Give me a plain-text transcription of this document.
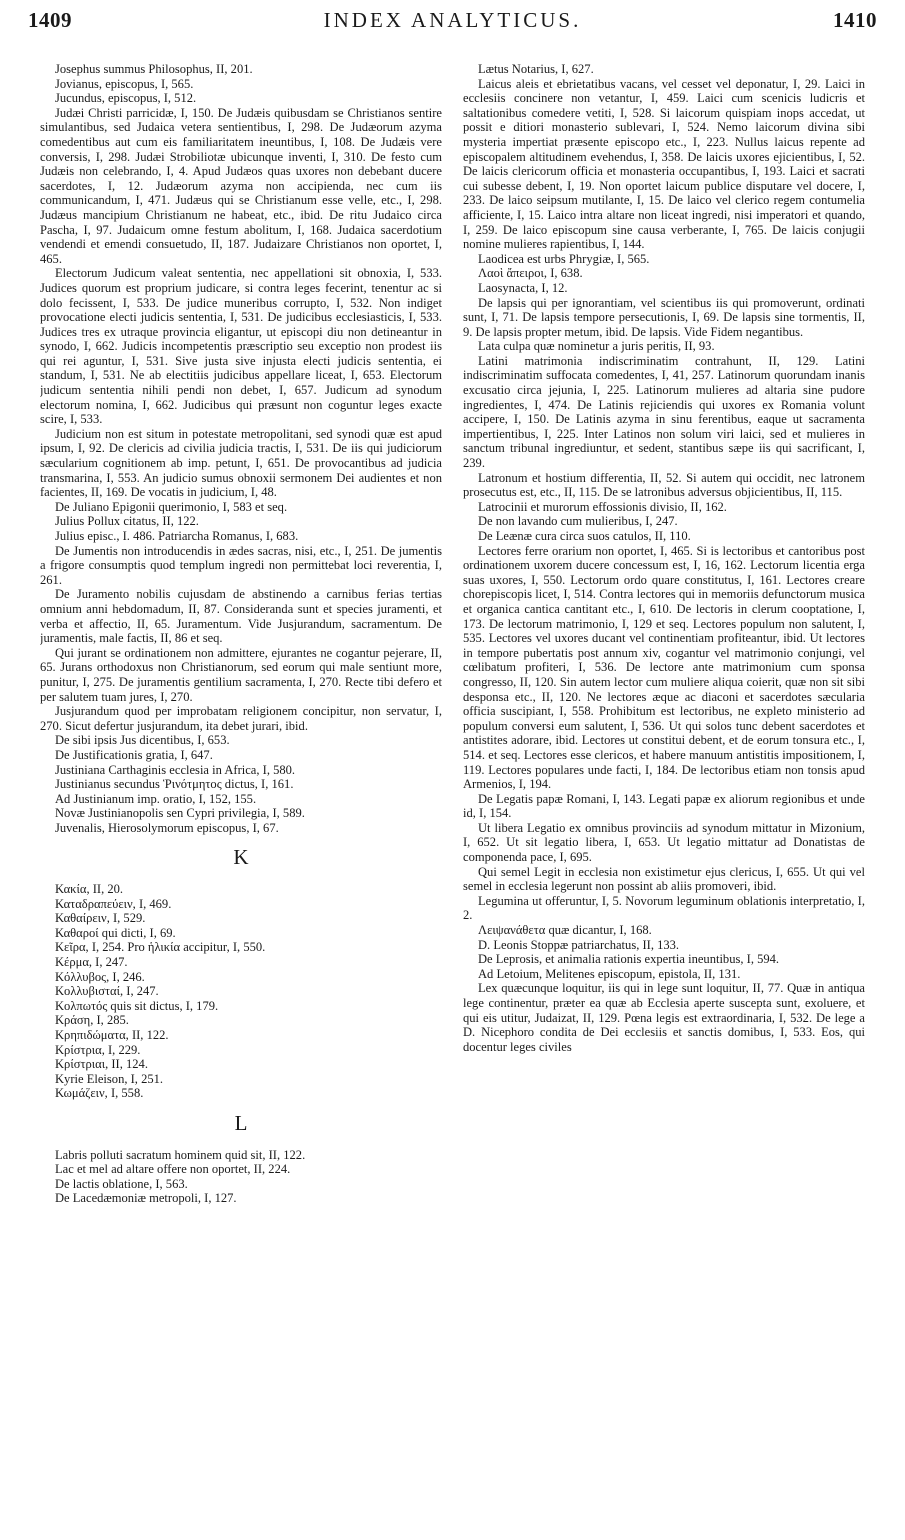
1409	INDEX ANALYTICUS.	1410

Josephus summus Philosophus, II, 201.

Jovianus, episcopus, I, 565.

Jucundus, episcopus, I, 512.

Judæi Christi parricidæ, I, 150. De Judæis quibusdam se Christianos sentire simulantibus, sed Judaica vetera sentientibus, I, 298. De Judæorum azyma comedentibus aut cum eis familiaritatem ineuntibus, I, 108. De Judæis vere conversis, I, 298. Judæi Strobiliotæ ubicunque inventi, I, 310. De festo cum Judæis non celebrando, I, 4. Apud Judæos quas uxores non debebant ducere sacerdotes, I, 12. Judæorum azyma non accipienda, nec cum iis communicandum, I, 471. Judæus qui se Christianum esse velle, etc., I, 298. Judæus mancipium Christianum ne habeat, etc., ibid. De ritu Judaico circa Pascha, I, 97. Judaicum omne festum abolitum, I, 168. Judaica sacerdotium vendendi et emendi consuetudo, II, 187. Judaizare Christianos non oportet, I, 465.

Electorum Judicum valeat sententia, nec appellationi sit obnoxia, I, 533. Judices quorum est proprium judicare, si contra leges fecerint, tenentur ac si dolo fecissent, I, 533. De judice muneribus corrupto, I, 532. Non indiget provocatione electi judicis sententia, I, 531. De judicibus ecclesiasticis, I, 533. Judices tres ex utraque provincia eligantur, ut episcopi diu non detineantur in synodo, I, 662. Judicis incompetentis præscriptio seu exceptio non prodest iis qui rei aguntur, I, 531. Sive justa sive injusta electi judicis sententia, ei standum, I, 531. Ne ab electitiis judicibus appellare liceat, I, 653. Electorum judicum sententia nihili pendi non debet, I, 657. Judicum ad synodum electorum nomina, I, 662. Judicibus qui præsunt non coguntur leges exacte scire, I, 533.

Judicium non est situm in potestate metropolitani, sed synodi quæ est apud ipsum, I, 92. De clericis ad civilia judicia tractis, I, 531. De iis qui judiciorum sæcularium cognitionem ab imp. petunt, I, 651. De provocantibus ad judicia transmarina, I, 553. An judicio sumus obnoxii sermonem Dei audientes et non facientes, II, 169. De vocatis in judicium, I, 48.

De Juliano Epigonii querimonio, I, 583 et seq.

Julius Pollux citatus, II, 122.

Julius episc., I. 486. Patriarcha Romanus, I, 683.

De Jumentis non introducendis in ædes sacras, nisi, etc., I, 251. De jumentis a frigore consumptis quod templum ingredi non permittebat loci reverentia, I, 261.

De Juramento nobilis cujusdam de abstinendo a carnibus ferias tertias omnium anni hebdomadum, II, 87. Consideranda sunt et species juramenti, et verba et affectio, II, 65. Juramentum. Vide Jusjurandum, sacramentum. De juramentis, male factis, II, 86 et seq.

Qui jurant se ordinationem non admittere, ejurantes ne cogantur pejerare, II, 65. Jurans orthodoxus non Christianorum, sed eorum qui male sentiunt more, punitur, I, 275. De juramentis gentilium sacramenta, I, 270. Recte tibi defero et per salutem tuam jures, I, 270.

Jusjurandum quod per improbatam religionem concipitur, non servatur, I, 270. Sicut defertur jusjurandum, ita debet jurari, ibid.

De sibi ipsis Jus dicentibus, I, 653.

De Justificationis gratia, I, 647.

Justiniana Carthaginis ecclesia in Africa, I, 580.

Justinianus secundus Ῥινότμητος dictus, I, 161.

Ad Justinianum imp. oratio, I, 152, 155.

Novæ Justinianopolis sen Cypri privilegia, I, 589.

Juvenalis, Hierosolymorum episcopus, I, 67.

K

Κακία, II, 20.

Καταδραπεύειν, I, 469.

Καθαίρειν, I, 529.

Καθαροί qui dicti, I, 69.

Κεῖρα, I, 254. Pro ἡλικία accipitur, I, 550.

Κέρμα, I, 247.

Κόλλυβος, I, 246.

Κολλυβισταί, I, 247.

Κολπωτός quis sit dictus, I, 179.

Κράση, I, 285.

Κρηπιδώματα, II, 122.

Κρίστρια, I, 229.

Κρίστριαι, II, 124.

Kyrie Eleison, I, 251.

Κωμάζειν, I, 558.

L

Labris polluti sacratum hominem quid sit, II, 122.

Lac et mel ad altare offere non oportet, II, 224.

De lactis oblatione, I, 563.

De Lacedæmoniæ metropoli, I, 127.

Lætus Notarius, I, 627.

Laicus aleis et ebrietatibus vacans, vel cesset vel deponatur, I, 29. Laici in ecclesiis concinere non vetantur, I, 459. Laici cum scenicis ludicris et saltationibus comedere vetiti, I, 528. Si laicorum quispiam inops accedat, ut possit e ditiori monasterio sublevari, I, 524. Nemo laicorum divina sibi mysteria impertiat præsente episcopo etc., I, 223. Nullus laicus repente ad episcopalem altitudinem evehendus, I, 358. De laicis uxores ejicientibus, I, 52. De laicis clericorum officia et monasteria occupantibus, I, 193. Laici et sacrati cui subesse debent, I, 19. Non oportet laicum publice disputare vel docere, I, 233. De laico seipsum mutilante, I, 15. De laico vel clerico regem contumelia afficiente, I, 15. Laico intra altare non liceat ingredi, nisi imperatori et quando, I, 259. De laico episcopum sine causa verberante, I, 765. De laicis conjugii nomine mulieres rapientibus, I, 144.

Laodicea est urbs Phrygiæ, I, 565.

Λαοὶ ἄπειροι, I, 638.

Laosynacta, I, 12.

De lapsis qui per ignorantiam, vel scientibus iis qui promoverunt, ordinati sunt, I, 71. De lapsis tempore persecutionis, I, 69. De lapsis sine tormentis, II, 9. De lapsis propter metum, ibid. De lapsis. Vide Fidem negantibus.

Lata culpa quæ nominetur a juris peritis, II, 93.

Latini matrimonia indiscriminatim contrahunt, II, 129. Latini indiscriminatim suffocata comedentes, I, 41, 257. Latinorum quorundam inanis excusatio circa jejunia, I, 225. Latinorum mulieres ad altaria sine pudore ingredientes, I, 474. De Latinis rejiciendis qui uxores ex Romania volunt accipere, I, 150. De Latinis azyma in sinu ferentibus, eaque ut sacramenta impertientibus, I, 225. Inter Latinos non solum viri laici, sed et mulieres in sanctum tribunal ingrediuntur, et sedent, stantibus sæpe iis qui sacrificant, I, 239.

Latronum et hostium differentia, II, 52. Si autem qui occidit, nec latronem prosecutus est, etc., II, 115. De se latronibus adversus objicientibus, II, 115.

Latrocinii et murorum effossionis divisio, II, 162.

De non lavando cum mulieribus, I, 247.

De Leænæ cura circa suos catulos, II, 110.

Lectores ferre orarium non oportet, I, 465. Si is lectoribus et cantoribus post ordinationem uxorem ducere concessum est, I, 16, 162. Lectorum licentia erga suas uxores, I, 550. Lectorum ordo quare constitutus, I, 161. Lectores creare chorepiscopis licet, I, 514. Contra lectores qui in memoriis defunctorum musica et organica cantica cantitant etc., I, 610. De lectoris in clerum cooptatione, I, 173. De lectorum matrimonio, I, 129 et seq. Lectores populum non salutent, I, 535. Lectores vel uxores ducant vel continentiam profiteantur, ibid. Ut lectores in tempore pubertatis post annum xiv, cogantur vel matrimonio conjungi, vel cœlibatum profiteri, I, 536. De lectore ante matrimonium cum sponsa congresso, II, 120. Sin autem lector cum muliere aliqua coierit, quæ non sit sibi desponsa etc., II, 120. Ne lectores æque ac diaconi et sacerdotes sæcularia officia suscipiant, I, 558. Prohibitum est lectoribus, ne expleto ministerio ad populum conversi eum salutent, I, 536. Ut qui solos tunc debent sacerdotes et antistites adorare, ibid. Lectores ut constitui debent, et de eorum tonsura etc., I, 514. et seq. Lectores esse clericos, et habere manuum antistitis impositionem, I, 119. Lectores populares unde facti, I, 184. De lectoribus etiam non tonsis apud Armenios, I, 194.

De Legatis papæ Romani, I, 143. Legati papæ ex aliorum regionibus et unde id, I, 154.

Ut libera Legatio ex omnibus provinciis ad synodum mittatur in Mizonium, I, 652. Ut sit legatio libera, I, 653. Ut legatio mittatur ad Donatistas de componenda pace, I, 695.

Qui semel Legit in ecclesia non existimetur ejus clericus, I, 655. Ut qui vel semel in ecclesia legerunt non possint ab aliis promoveri, ibid.

Legumina ut offeruntur, I, 5. Novorum leguminum oblationis interpretatio, I, 2.

Λειψανάθετα quæ dicantur, I, 168.

D. Leonis Stoppæ patriarchatus, II, 133.

De Leprosis, et animalia rationis expertia ineuntibus, I, 594.

Ad Letoium, Melitenes episcopum, epistola, II, 131.

Lex quæcunque loquitur, iis qui in lege sunt loquitur, II, 77. Quæ in antiqua lege continentur, præter ea quæ ab Ecclesia aperte suscepta sunt, exoluere, et qui eis utitur, Judaizat, II, 129. Pœna legis est extraordinaria, I, 532. De lege a D. Nicephoro condita de Dei ecclesiis et sanctis domibus, I, 533. Eos, qui docentur leges civiles
